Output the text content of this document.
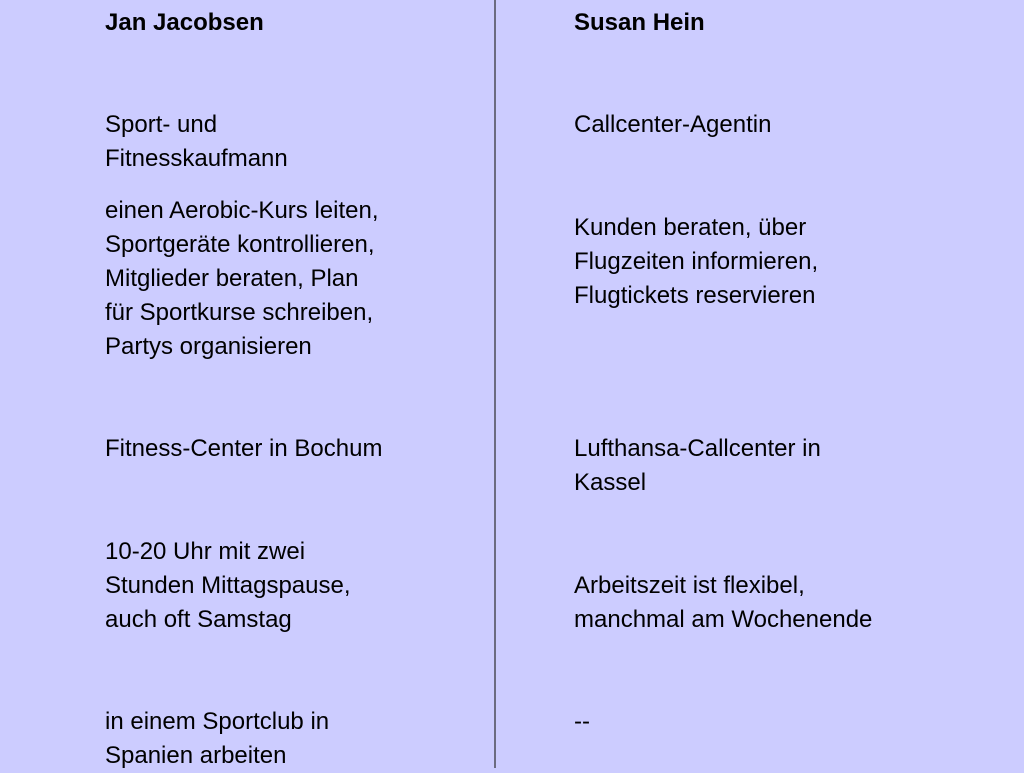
Jan Jacobsen
Sport- und
Fitnesskaufmann
einen Aerobic-Kurs leiten,
Sportgeräte kontrollieren,
Mitglieder beraten, Plan
für Sportkurse schreiben,
Partys organisieren
Fitness-Center in Bochum
10-20 Uhr mit zwei
Stunden Mittagspause,
auch oft Samstag
in einem Sportclub in
Spanien arbeiten
Susan Hein
Callcenter-Agentin
Kunden beraten, über
Flugzeiten informieren,
Flugtickets reservieren
Lufthansa-Callcenter in
Kassel
Arbeitszeit ist flexibel,
manchmal am Wochenende
--
